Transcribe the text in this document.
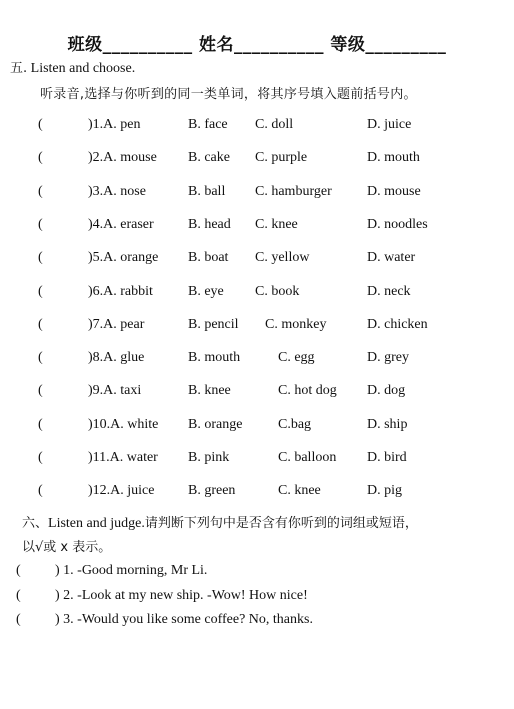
班级__________ 姓名__________ 等级_________
五. Listen and choose.
听录音,选择与你听到的同一类单词，将其序号填入题前括号内。
(	)1.A. pen	B. face C. doll	D. juice
(	)2.A. mouse B. cake C. purple	D. mouth
(	)3.A. nose	B. ball C. hamburger	D. mouse
(	)4.A. eraser B. head C. knee	D. noodles
(	)5.A. orange B. boat C. yellow	D. water
(	)6.A. rabbit	B. eye C. book	D. neck
(	)7.A. pear	B. pencil C. monkey	D. chicken
(	)8.A. glue	B. mouth	C. egg	D. grey
(	)9.A. taxi	B. knee	C. hot dog D. dog
(	)10.A. white B. orange	C.bag	D. ship
(	)11.A. water B. pink	C. balloon D. bird
(	)12.A. juice B. green	C. knee	D. pig
六、Listen and judge.请判断下列句中是否含有你听到的词组或短语，
以√或 x 表示。
( ) 1. -Good morning, Mr Li.
( ) 2. -Look at my new ship. -Wow! How nice!
( ) 3. -Would you like some coffee? No, thanks.
